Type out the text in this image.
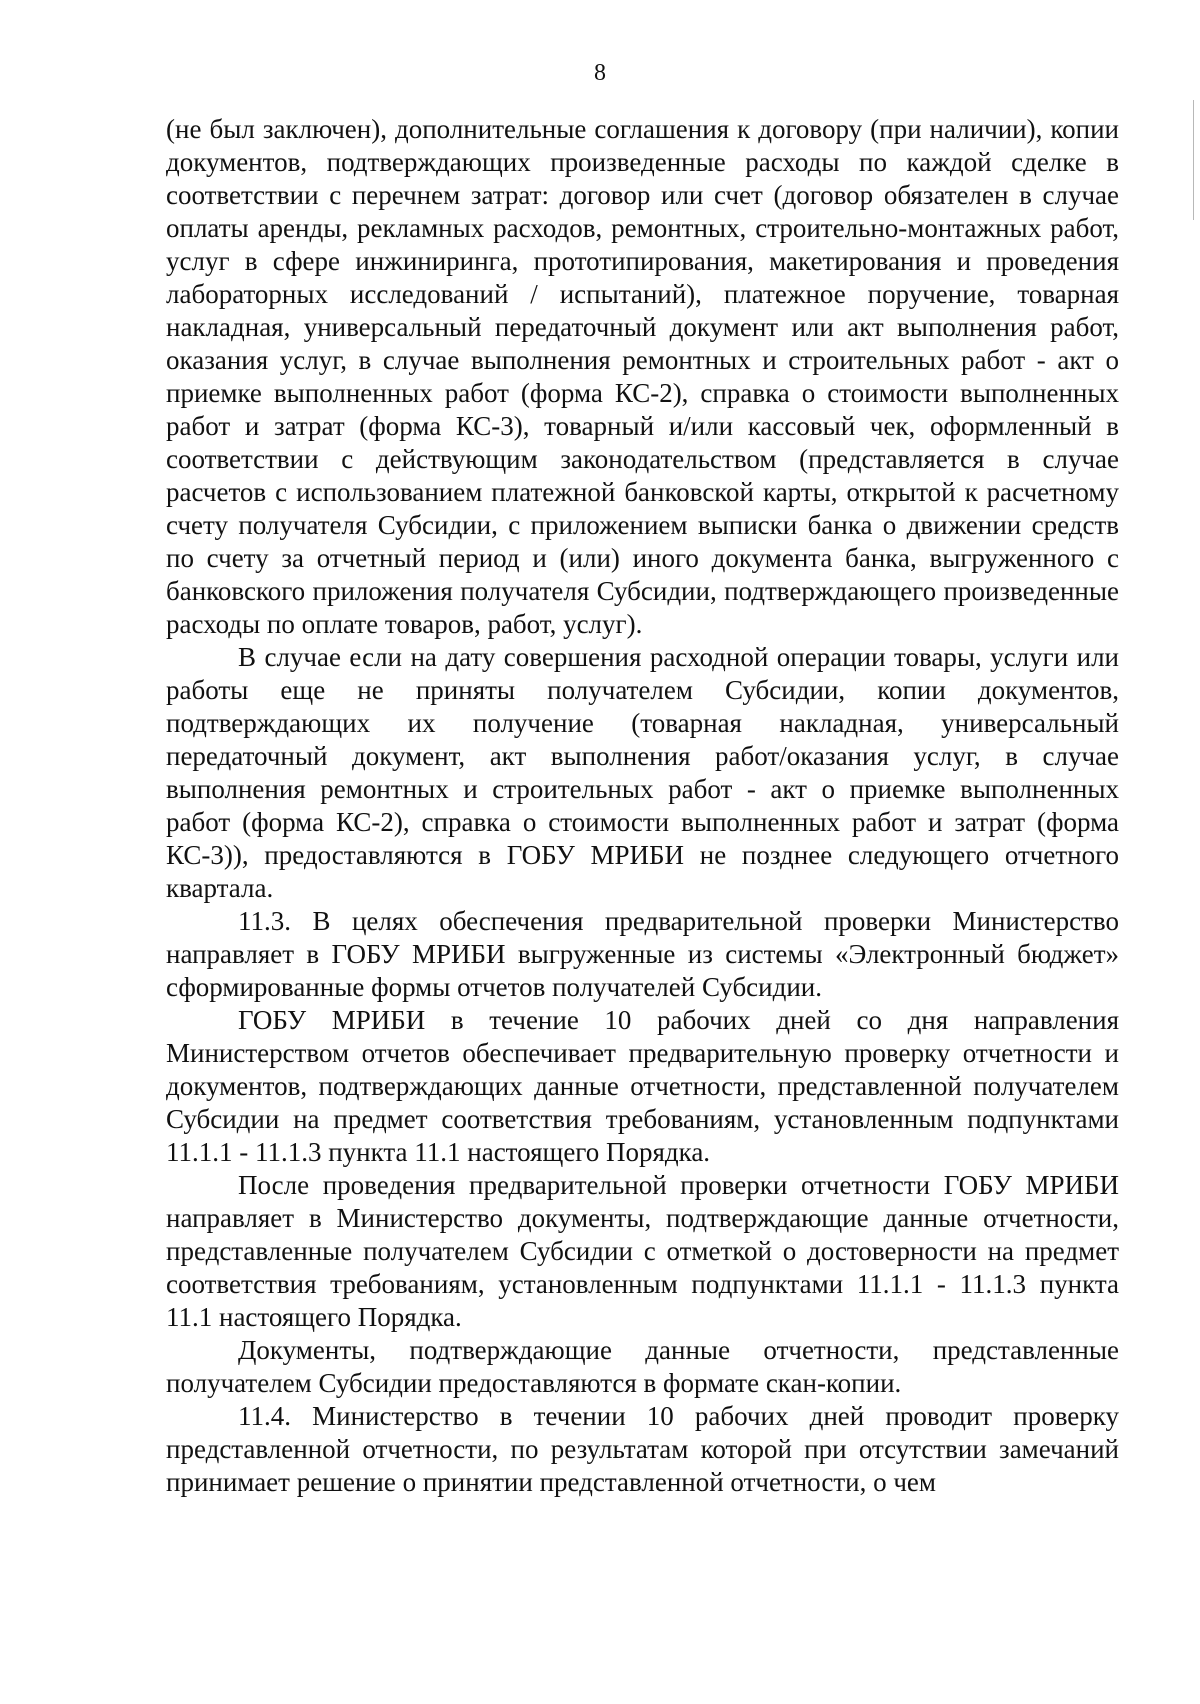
8

(не был заключен), дополнительные соглашения к договору (при наличии), копии документов, подтверждающих произведенные расходы по каждой сделке в соответствии с перечнем затрат: договор или счет (договор обязателен в случае оплаты аренды, рекламных расходов, ремонтных, строительно-монтажных работ, услуг в сфере инжиниринга, прототипирования, макетирования и проведения лабораторных исследований / испытаний), платежное поручение, товарная накладная, универсальный передаточный документ или акт выполнения работ, оказания услуг, в случае выполнения ремонтных и строительных работ - акт о приемке выполненных работ (форма КС-2), справка о стоимости выполненных работ и затрат (форма КС-3), товарный и/или кассовый чек, оформленный в соответствии с действующим законодательством (представляется в случае расчетов с использованием платежной банковской карты, открытой к расчетному счету получателя Субсидии, с приложением выписки банка о движении средств по счету за отчетный период и (или) иного документа банка, выгруженного с банковского приложения получателя Субсидии, подтверждающего произведенные расходы по оплате товаров, работ, услуг).

В случае если на дату совершения расходной операции товары, услуги или работы еще не приняты получателем Субсидии, копии документов, подтверждающих их получение (товарная накладная, универсальный передаточный документ, акт выполнения работ/оказания услуг, в случае выполнения ремонтных и строительных работ - акт о приемке выполненных работ (форма КС-2), справка о стоимости выполненных работ и затрат (форма КС-3)), предоставляются в ГОБУ МРИБИ не позднее следующего отчетного квартала.

11.3. В целях обеспечения предварительной проверки Министерство направляет в ГОБУ МРИБИ выгруженные из системы «Электронный бюджет» сформированные формы отчетов получателей Субсидии.

ГОБУ МРИБИ в течение 10 рабочих дней со дня направления Министерством отчетов обеспечивает предварительную проверку отчетности и документов, подтверждающих данные отчетности, представленной получателем Субсидии на предмет соответствия требованиям, установленным подпунктами 11.1.1 - 11.1.3 пункта 11.1 настоящего Порядка.

После проведения предварительной проверки отчетности ГОБУ МРИБИ направляет в Министерство документы, подтверждающие данные отчетности, представленные получателем Субсидии с отметкой о достоверности на предмет соответствия требованиям, установленным подпунктами 11.1.1 - 11.1.3 пункта 11.1 настоящего Порядка.

Документы, подтверждающие данные отчетности, представленные получателем Субсидии предоставляются в формате скан-копии.

11.4. Министерство в течении 10 рабочих дней проводит проверку представленной отчетности, по результатам которой при отсутствии замечаний принимает решение о принятии представленной отчетности, о чем
